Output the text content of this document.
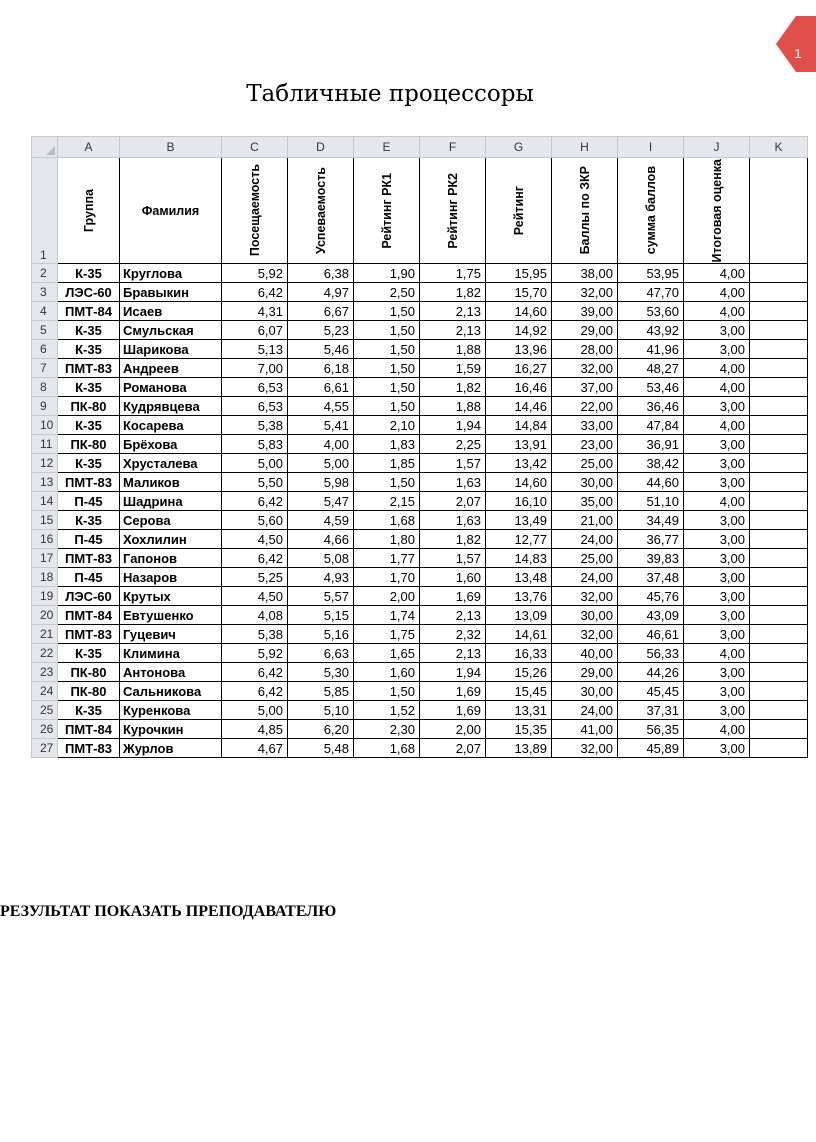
1
Табличные процессоры
	A	B	C	D	E	F	G	H	I	J	K
1	Группа	Фамилия	Посещаемость	Успеваемость	Рейтинг РК1	Рейтинг РК2	Рейтинг	Баллы по ЗКР	сумма баллов	Итоговая оценка	

2	К-35	Круглова	5,92	6,38	1,90	1,75	15,95	38,00	53,95	4,00	
3	ЛЭС-60	Бравыкин	6,42	4,97	2,50	1,82	15,70	32,00	47,70	4,00	
4	ПМТ-84	Исаев	4,31	6,67	1,50	2,13	14,60	39,00	53,60	4,00	
5	К-35	Смульская	6,07	5,23	1,50	2,13	14,92	29,00	43,92	3,00	
6	К-35	Шарикова	5,13	5,46	1,50	1,88	13,96	28,00	41,96	3,00	
7	ПМТ-83	Андреев	7,00	6,18	1,50	1,59	16,27	32,00	48,27	4,00	
8	К-35	Романова	6,53	6,61	1,50	1,82	16,46	37,00	53,46	4,00	
9	ПК-80	Кудрявцева	6,53	4,55	1,50	1,88	14,46	22,00	36,46	3,00	
10	К-35	Косарева	5,38	5,41	2,10	1,94	14,84	33,00	47,84	4,00	
11	ПК-80	Брёхова	5,83	4,00	1,83	2,25	13,91	23,00	36,91	3,00	
12	К-35	Хрусталева	5,00	5,00	1,85	1,57	13,42	25,00	38,42	3,00	
13	ПМТ-83	Маликов	5,50	5,98	1,50	1,63	14,60	30,00	44,60	3,00	
14	П-45	Шадрина	6,42	5,47	2,15	2,07	16,10	35,00	51,10	4,00	
15	К-35	Серова	5,60	4,59	1,68	1,63	13,49	21,00	34,49	3,00	
16	П-45	Хохлилин	4,50	4,66	1,80	1,82	12,77	24,00	36,77	3,00	
17	ПМТ-83	Гапонов	6,42	5,08	1,77	1,57	14,83	25,00	39,83	3,00	
18	П-45	Назаров	5,25	4,93	1,70	1,60	13,48	24,00	37,48	3,00	
19	ЛЭС-60	Крутых	4,50	5,57	2,00	1,69	13,76	32,00	45,76	3,00	
20	ПМТ-84	Евтушенко	4,08	5,15	1,74	2,13	13,09	30,00	43,09	3,00	
21	ПМТ-83	Гуцевич	5,38	5,16	1,75	2,32	14,61	32,00	46,61	3,00	
22	К-35	Климина	5,92	6,63	1,65	2,13	16,33	40,00	56,33	4,00	
23	ПК-80	Антонова	6,42	5,30	1,60	1,94	15,26	29,00	44,26	3,00	
24	ПК-80	Сальникова	6,42	5,85	1,50	1,69	15,45	30,00	45,45	3,00	
25	К-35	Куренкова	5,00	5,10	1,52	1,69	13,31	24,00	37,31	3,00	
26	ПМТ-84	Курочкин	4,85	6,20	2,30	2,00	15,35	41,00	56,35	4,00	
27	ПМТ-83	Журлов	4,67	5,48	1,68	2,07	13,89	32,00	45,89	3,00	
РЕЗУЛЬТАТ ПОКАЗАТЬ ПРЕПОДАВАТЕЛЮ
